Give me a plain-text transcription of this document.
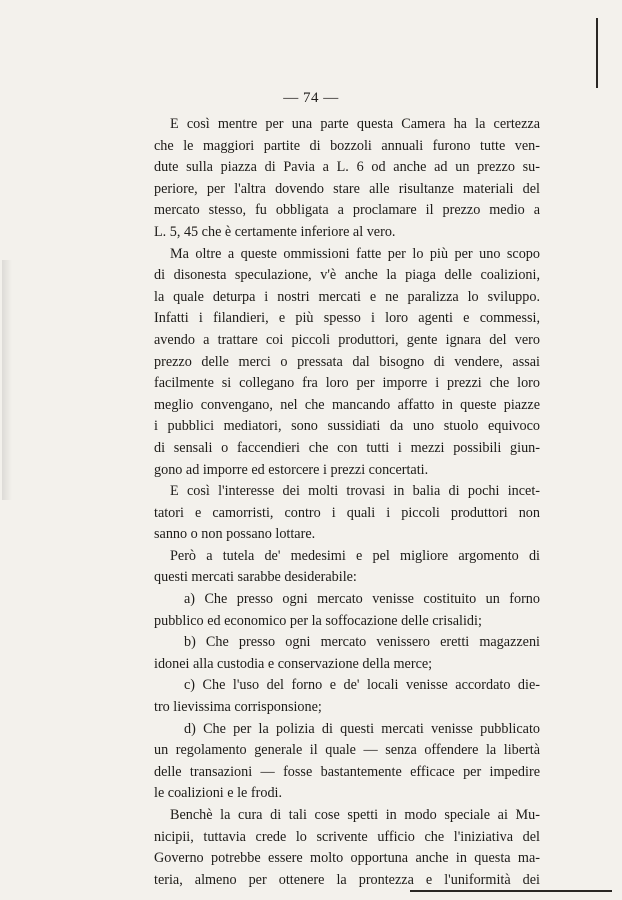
— 74 —
E così mentre per una parte questa Camera ha la certezza
che le maggiori partite di bozzoli annuali furono tutte ven-
dute sulla piazza di Pavia a L. 6 od anche ad un prezzo su-
periore, per l'altra dovendo stare alle risultanze materiali del
mercato stesso, fu obbligata a proclamare il prezzo medio a
L. 5, 45 che è certamente inferiore al vero.
Ma oltre a queste ommissioni fatte per lo più per uno scopo
di disonesta speculazione, v'è anche la piaga delle coalizioni,
la quale deturpa i nostri mercati e ne paralizza lo sviluppo.
Infatti i filandieri, e più spesso i loro agenti e commessi,
avendo a trattare coi piccoli produttori, gente ignara del vero
prezzo delle merci o pressata dal bisogno di vendere, assai
facilmente si collegano fra loro per imporre i prezzi che loro
meglio convengano, nel che mancando affatto in queste piazze
i pubblici mediatori, sono sussidiati da uno stuolo equivoco
di sensali o faccendieri che con tutti i mezzi possibili giun-
gono ad imporre ed estorcere i prezzi concertati.
E così l'interesse dei molti trovasi in balia di pochi incet-
tatori e camorristi, contro i quali i piccoli produttori non
sanno o non possano lottare.
Però a tutela de' medesimi e pel migliore argomento di
questi mercati sarabbe desiderabile:
a) Che presso ogni mercato venisse costituito un forno
pubblico ed economico per la soffocazione delle crisalidi;
b) Che presso ogni mercato venissero eretti magazzeni
idonei alla custodia e conservazione della merce;
c) Che l'uso del forno e de' locali venisse accordato die-
tro lievissima corrisponsione;
d) Che per la polizia di questi mercati venisse pubblicato
un regolamento generale il quale — senza offendere la libertà
delle transazioni — fosse bastantemente efficace per impedire
le coalizioni e le frodi.
Benchè la cura di tali cose spetti in modo speciale ai Mu-
nicipii, tuttavia crede lo scrivente ufficio che l'iniziativa del
Governo potrebbe essere molto opportuna anche in questa ma-
teria, almeno per ottenere la prontezza e l'uniformità dei
